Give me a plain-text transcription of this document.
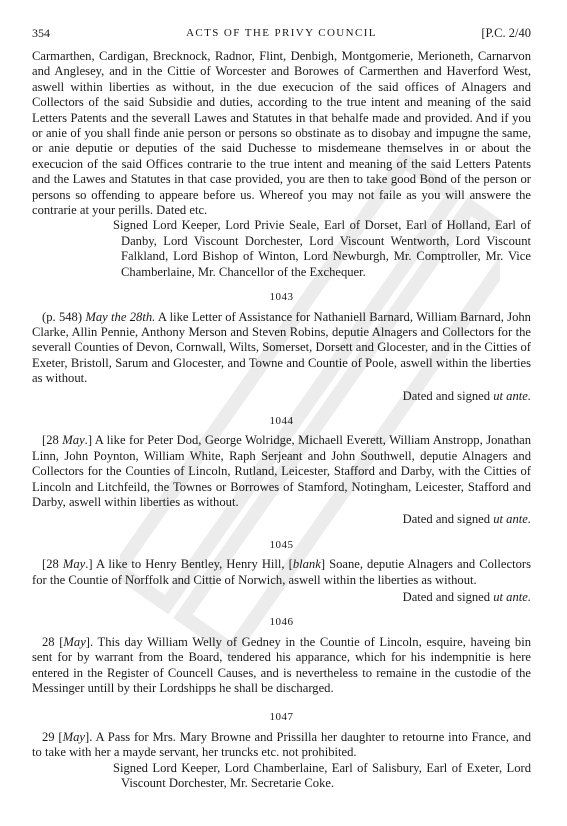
354	ACTS OF THE PRIVY COUNCIL	[P.C. 2/40

Carmarthen, Cardigan, Brecknock, Radnor, Flint, Denbigh, Montgomerie, Merioneth, Carnarvon and Anglesey, and in the Cittie of Worcester and Borowes of Carmerthen and Haverford West, aswell within liberties as without, in the due execucion of the said offices of Alnagers and Collectors of the said Subsidie and duties, according to the true intent and meaning of the said Letters Patents and the severall Lawes and Statutes in that behalfe made and provided. And if you or anie of you shall finde anie person or persons so obstinate as to disobay and impugne the same, or anie deputie or deputies of the said Duchesse to misdemeane themselves in or about the execucion of the said Offices contrarie to the true intent and meaning of the said Letters Patents and the Lawes and Statutes in that case provided, you are then to take good Bond of the person or persons so offending to appeare before us. Whereof you may not faile as you will answere the contrarie at your perills. Dated etc.

Signed Lord Keeper, Lord Privie Seale, Earl of Dorset, Earl of Holland, Earl of Danby, Lord Viscount Dorchester, Lord Viscount Wentworth, Lord Viscount Falkland, Lord Bishop of Winton, Lord Newburgh, Mr. Comptroller, Mr. Vice Chamberlaine, Mr. Chancellor of the Exchequer.

1043

(p. 548) May the 28th. A like Letter of Assistance for Nathaniell Barnard, William Barnard, John Clarke, Allin Pennie, Anthony Merson and Steven Robins, deputie Alnagers and Collectors for the severall Counties of Devon, Cornwall, Wilts, Somerset, Dorsett and Glocester, and in the Citties of Exeter, Bristoll, Sarum and Glocester, and Towne and Countie of Poole, aswell within the liberties as without.

Dated and signed ut ante.

1044

[28 May.] A like for Peter Dod, George Wolridge, Michaell Everett, William Anstropp, Jonathan Linn, John Poynton, William White, Raph Serjeant and John Southwell, deputie Alnagers and Collectors for the Counties of Lincoln, Rutland, Leicester, Stafford and Darby, with the Citties of Lincoln and Litchfeild, the Townes or Borrowes of Stamford, Notingham, Leicester, Stafford and Darby, aswell within liberties as without.

Dated and signed ut ante.

1045

[28 May.] A like to Henry Bentley, Henry Hill, [blank] Soane, deputie Alnagers and Collectors for the Countie of Norffolk and Cittie of Norwich, aswell within the liberties as without.

Dated and signed ut ante.

1046

28 [May]. This day William Welly of Gedney in the Countie of Lincoln, esquire, haveing bin sent for by warrant from the Board, tendered his apparance, which for his indempnitie is here entered in the Register of Councell Causes, and is nevertheless to remaine in the custodie of the Messinger untill by their Lordshipps he shall be discharged.

1047

29 [May]. A Pass for Mrs. Mary Browne and Prissilla her daughter to retourne into France, and to take with her a mayde servant, her truncks etc. not prohibited.

Signed Lord Keeper, Lord Chamberlaine, Earl of Salisbury, Earl of Exeter, Lord Viscount Dorchester, Mr. Secretarie Coke.
